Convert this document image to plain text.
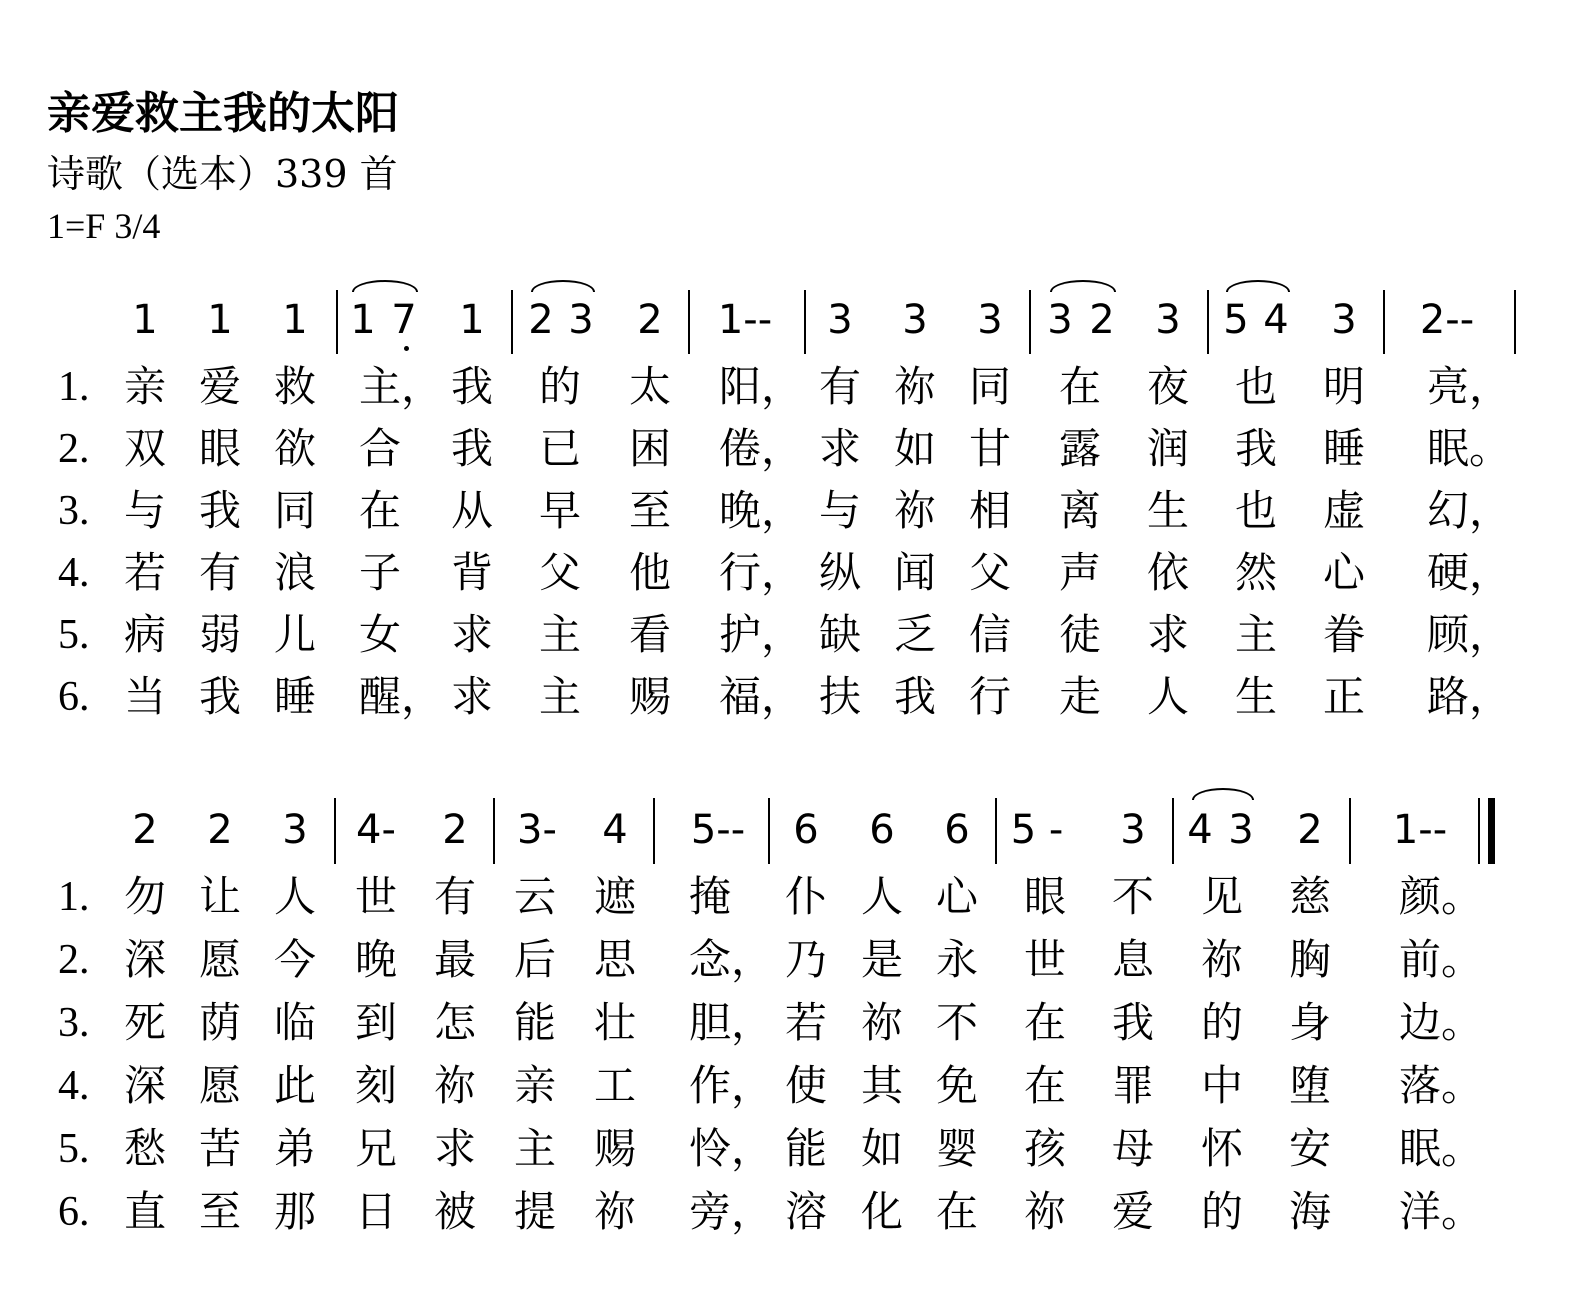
亲爱救主我的太阳
诗歌（选本）339 首
1=F 3/4
1 1 1 1 7 1 2 3 2 1-- 3 3 3 3 2 3 5 4 3 2--
1. 亲 爱 救 主 ， 我 的 太 阳 ， 有 祢 同 在 夜 也 明 亮 ，
2. 双 眼 欲 合 我 已 困 倦 ， 求 如 甘 露 润 我 睡 眠 。
3. 与 我 同 在 从 早 至 晚 ， 与 祢 相 离 生 也 虚 幻 ，
4. 若 有 浪 子 背 父 他 行 ， 纵 闻 父 声 依 然 心 硬 ，
5. 病 弱 儿 女 求 主 看 护 ， 缺 乏 信 徒 求 主 眷 顾 ，
6. 当 我 睡 醒 ， 求 主 赐 福 ， 扶 我 行 走 人 生 正 路 ，
2 2 3 4- 2 3- 4 5-- 6 6 6 5 - 3 4 3 2 1--
1. 勿 让 人 世 有 云 遮 掩 仆 人 心 眼 不 见 慈 颜 。
2. 深 愿 今 晚 最 后 思 念 ， 乃 是 永 世 息 祢 胸 前 。
3. 死 荫 临 到 怎 能 壮 胆 ， 若 祢 不 在 我 的 身 边 。
4. 深 愿 此 刻 祢 亲 工 作 ， 使 其 免 在 罪 中 堕 落 。
5. 愁 苦 弟 兄 求 主 赐 怜 ， 能 如 婴 孩 母 怀 安 眠 。
6. 直 至 那 日 被 提 祢 旁 ， 溶 化 在 祢 爱 的 海 洋 。
